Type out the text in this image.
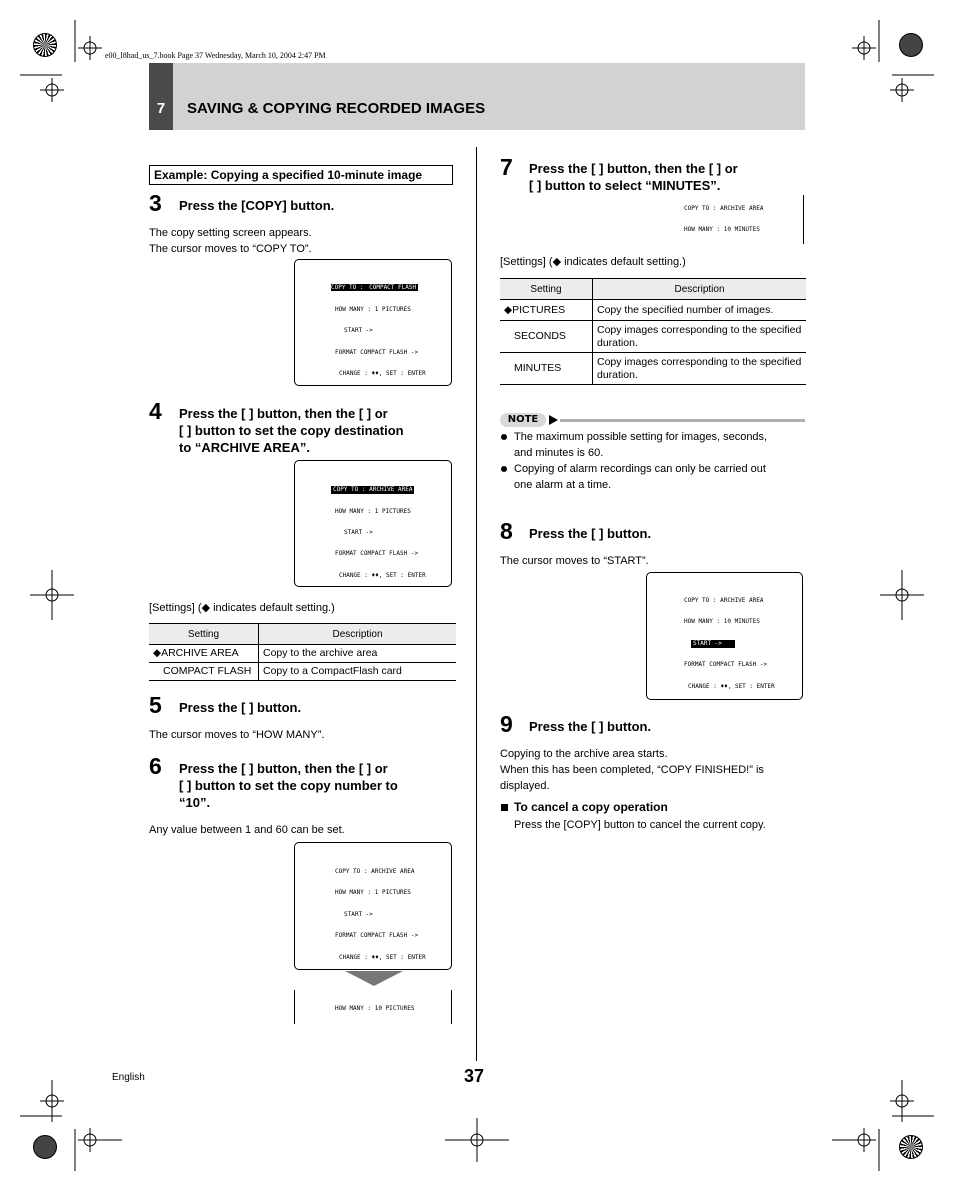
e00_l8had_us_7.book Page 37 Wednesday, March 10, 2004 2:47 PM
7	SAVING & COPYING RECORDED IMAGES
Example: Copying a specified 10-minute image
3 Press the [COPY] button.
The copy setting screen appears.
The cursor moves to “COPY TO”.
COPY TO : COMPACT FLASH
HOW MANY : 1 PICTURES
START ->
FORMAT COMPACT FLASH ->
CHANGE : ♦♦, SET : ENTER
4 Press the [ ] button, then the [ ] or
[ ] button to set the copy destination
to “ARCHIVE AREA”.
COPY TO : ARCHIVE AREA
HOW MANY : 1 PICTURES
START ->
FORMAT COMPACT FLASH ->
CHANGE : ♦♦, SET : ENTER
[Settings] (◆ indicates default setting.)
Setting	Description
◆ARCHIVE AREA	Copy to the archive area
COMPACT FLASH	Copy to a CompactFlash card
5 Press the [ ] button.
The cursor moves to “HOW MANY”.
6 Press the [ ] button, then the [ ] or
[ ] button to set the copy number to
“10”.
Any value between 1 and 60 can be set.
COPY TO : ARCHIVE AREA
HOW MANY : 1 PICTURES
START ->
FORMAT COMPACT FLASH ->
CHANGE : ♦♦, SET : ENTER
HOW MANY : 10 PICTURES
7 Press the [ ] button, then the [ ] or
[ ] button to select “MINUTES”.
COPY TO : ARCHIVE AREA
HOW MANY : 10 MINUTES
[Settings] (◆ indicates default setting.)
Setting	Description
◆PICTURES	Copy the specified number of images.
SECONDS	Copy images corresponding to the specified duration.
MINUTES	Copy images corresponding to the specified duration.
NOTE
The maximum possible setting for images, seconds,
and minutes is 60.
Copying of alarm recordings can only be carried out
one alarm at a time.
8 Press the [ ] button.
The cursor moves to “START”.
COPY TO : ARCHIVE AREA
HOW MANY : 10 MINUTES
START ->
FORMAT COMPACT FLASH ->
CHANGE : ♦♦, SET : ENTER
9 Press the [ ] button.
Copying to the archive area starts.
When this has been completed, “COPY FINISHED!” is
displayed.
To cancel a copy operation
Press the [COPY] button to cancel the current copy.
English	37
